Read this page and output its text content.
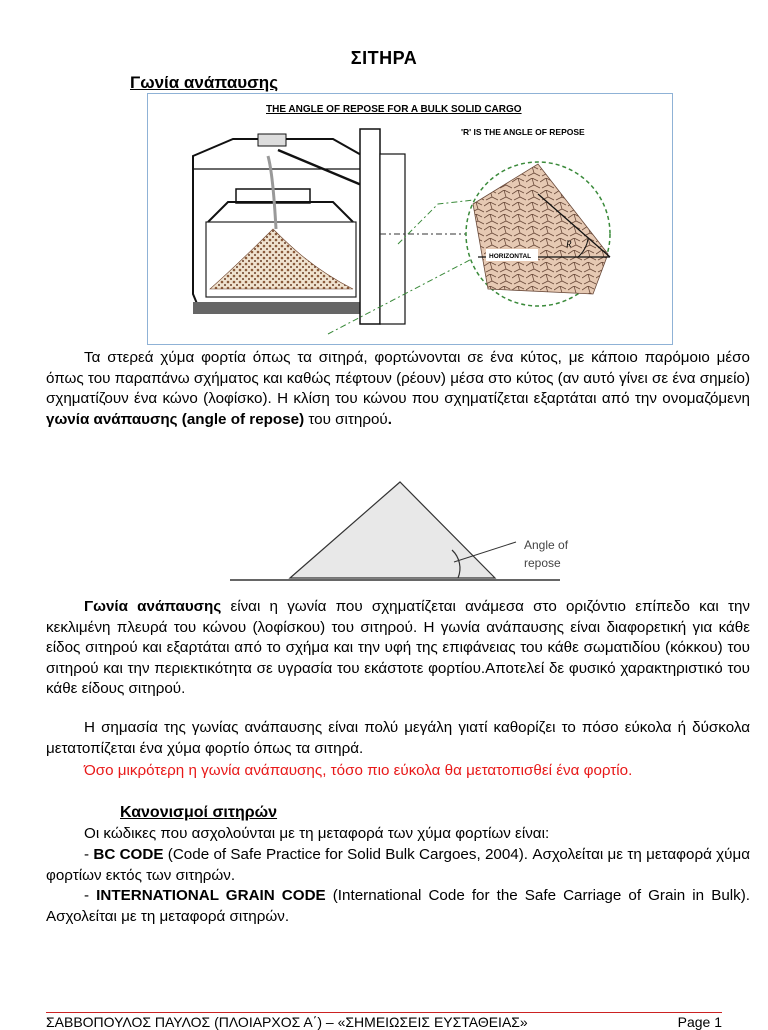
ΣΙΤΗΡΑ
Γωνία ανάπαυσης
THE ANGLE OF REPOSE FOR A BULK SOLID CARGO
'R' IS THE ANGLE OF REPOSE
HORIZONTAL
R
Τα στερεά χύμα φορτία όπως τα σιτηρά, φορτώνονται σε ένα κύτος, με κάποιο παρόμοιο μέσο όπως του παραπάνω σχήματος και καθώς πέφτουν (ρέουν) μέσα στο κύτος (αν αυτό γίνει σε ένα σημείο) σχηματίζουν ένα κώνο (λοφίσκο). Η κλίση του κώνου που σχηματίζεται εξαρτάται από την ονομαζόμενη γωνία ανάπαυσης (angle of repose) του σιτηρού.
Angle of
repose
Γωνία ανάπαυσης είναι η γωνία που σχηματίζεται ανάμεσα στο οριζόντιο επίπεδο και την κεκλιμένη πλευρά του κώνου (λοφίσκου) του σιτηρού. Η γωνία ανάπαυσης είναι διαφορετική για κάθε είδος σιτηρού και εξαρτάται από το σχήμα και την υφή της επιφάνειας του κάθε σωματιδίου (κόκκου) του σιτηρού και την περιεκτικότητα σε υγρασία του εκάστοτε φορτίου.Αποτελεί δε φυσικό χαρακτηριστικό του κάθε είδους σιτηρού.
Η σημασία της γωνίας ανάπαυσης είναι πολύ μεγάλη γιατί καθορίζει το πόσο εύκολα ή δύσκολα μετατοπίζεται ένα χύμα φορτίο όπως τα σιτηρά.
Όσο μικρότερη η γωνία ανάπαυσης, τόσο πιο εύκολα θα μετατοπισθεί ένα φορτίο.
Κανονισμοί σιτηρών
Οι κώδικες που ασχολούνται με τη μεταφορά των χύμα φορτίων είναι:
- BC CODE (Code of Safe Practice for Solid Bulk Cargoes, 2004). Ασχολείται με τη μεταφορά χύμα φορτίων εκτός των σιτηρών.
- INTERNATIONAL GRAIN CODE (International Code for the Safe Carriage of Grain in Bulk). Ασχολείται με τη μεταφορά σιτηρών.
ΣΑΒΒΟΠΟΥΛΟΣ ΠΑΥΛΟΣ (ΠΛΟΙΑΡΧΟΣ Α΄) – «ΣΗΜΕΙΩΣΕΙΣ ΕΥΣΤΑΘΕΙΑΣ»	Page 1
